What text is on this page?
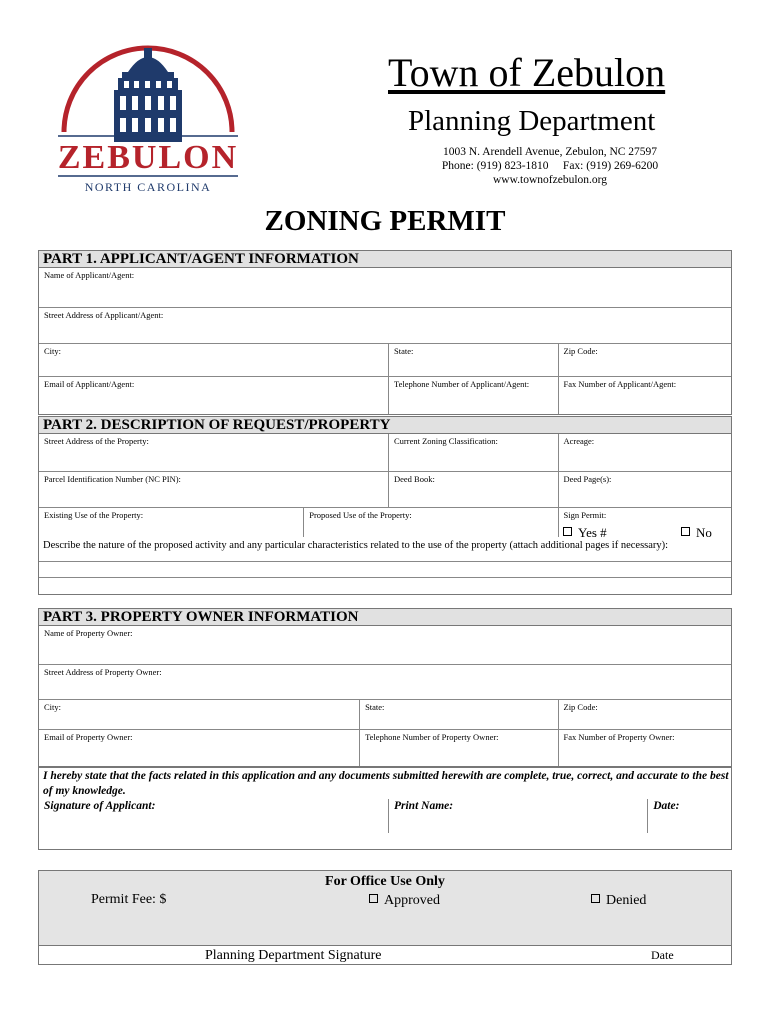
ZEBULON
NORTH CAROLINA
Town of Zebulon
Planning Department
1003 N. Arendell Avenue, Zebulon, NC 27597
Phone: (919) 823-1810     Fax: (919) 269-6200
www.townofzebulon.org
ZONING PERMIT
PART 1. APPLICANT/AGENT INFORMATION
Name of Applicant/Agent:
Street Address of Applicant/Agent:
City:	State:	Zip Code:
Email of Applicant/Agent:	Telephone Number of Applicant/Agent:	Fax Number of Applicant/Agent:
PART 2. DESCRIPTION OF REQUEST/PROPERTY
Street Address of the Property:	Current Zoning Classification:	Acreage:
Parcel Identification Number (NC PIN):	Deed Book:	Deed Page(s):
Existing Use of the Property:	Proposed Use of the Property:	Sign Permit:
Yes #	No
Describe the nature of the proposed activity and any particular characteristics related to the use of the property (attach additional pages if necessary):
PART 3. PROPERTY OWNER INFORMATION
Name of Property Owner:
Street Address of Property Owner:
City:	State:	Zip Code:
Email of Property Owner:	Telephone Number of Property Owner:	Fax Number of Property Owner:
I hereby state that the facts related in this application and any documents submitted herewith are complete, true, correct, and accurate to the best of my knowledge.
Signature of Applicant:	Print Name:	Date:
For Office Use Only
Permit Fee: $	Approved	Denied
Planning Department Signature	Date
